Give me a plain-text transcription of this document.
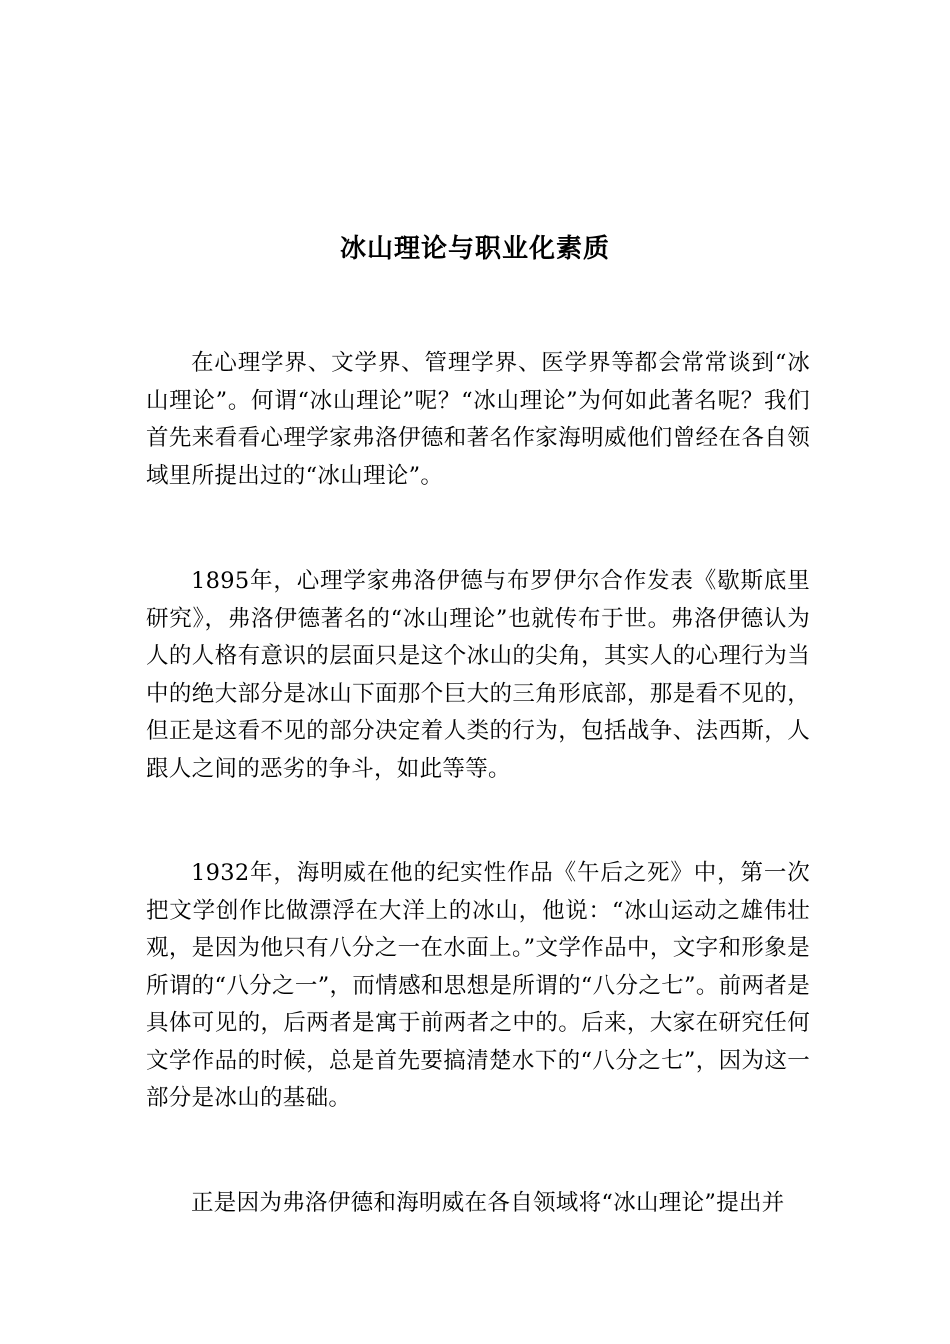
冰山理论与职业化素质

在心理学界、文学界、管理学界、医学界等都会常常谈到“冰山理论”。何谓“冰山理论”呢？“冰山理论”为何如此著名呢？我们首先来看看心理学家弗洛伊德和著名作家海明威他们曾经在各自领域里所提出过的“冰山理论”。

1895年，心理学家弗洛伊德与布罗伊尔合作发表《歇斯底里研究》，弗洛伊德著名的“冰山理论”也就传布于世。弗洛伊德认为人的人格有意识的层面只是这个冰山的尖角，其实人的心理行为当中的绝大部分是冰山下面那个巨大的三角形底部，那是看不见的，但正是这看不见的部分决定着人类的行为，包括战争、法西斯，人跟人之间的恶劣的争斗，如此等等。

1932年，海明威在他的纪实性作品《午后之死》中，第一次把文学创作比做漂浮在大洋上的冰山，他说：“冰山运动之雄伟壮观，是因为他只有八分之一在水面上。”文学作品中，文字和形象是所谓的“八分之一”，而情感和思想是所谓的“八分之七”。前两者是具体可见的，后两者是寓于前两者之中的。后来，大家在研究任何文学作品的时候，总是首先要搞清楚水下的“八分之七”，因为这一部分是冰山的基础。

正是因为弗洛伊德和海明威在各自领域将“冰山理论”提出并
